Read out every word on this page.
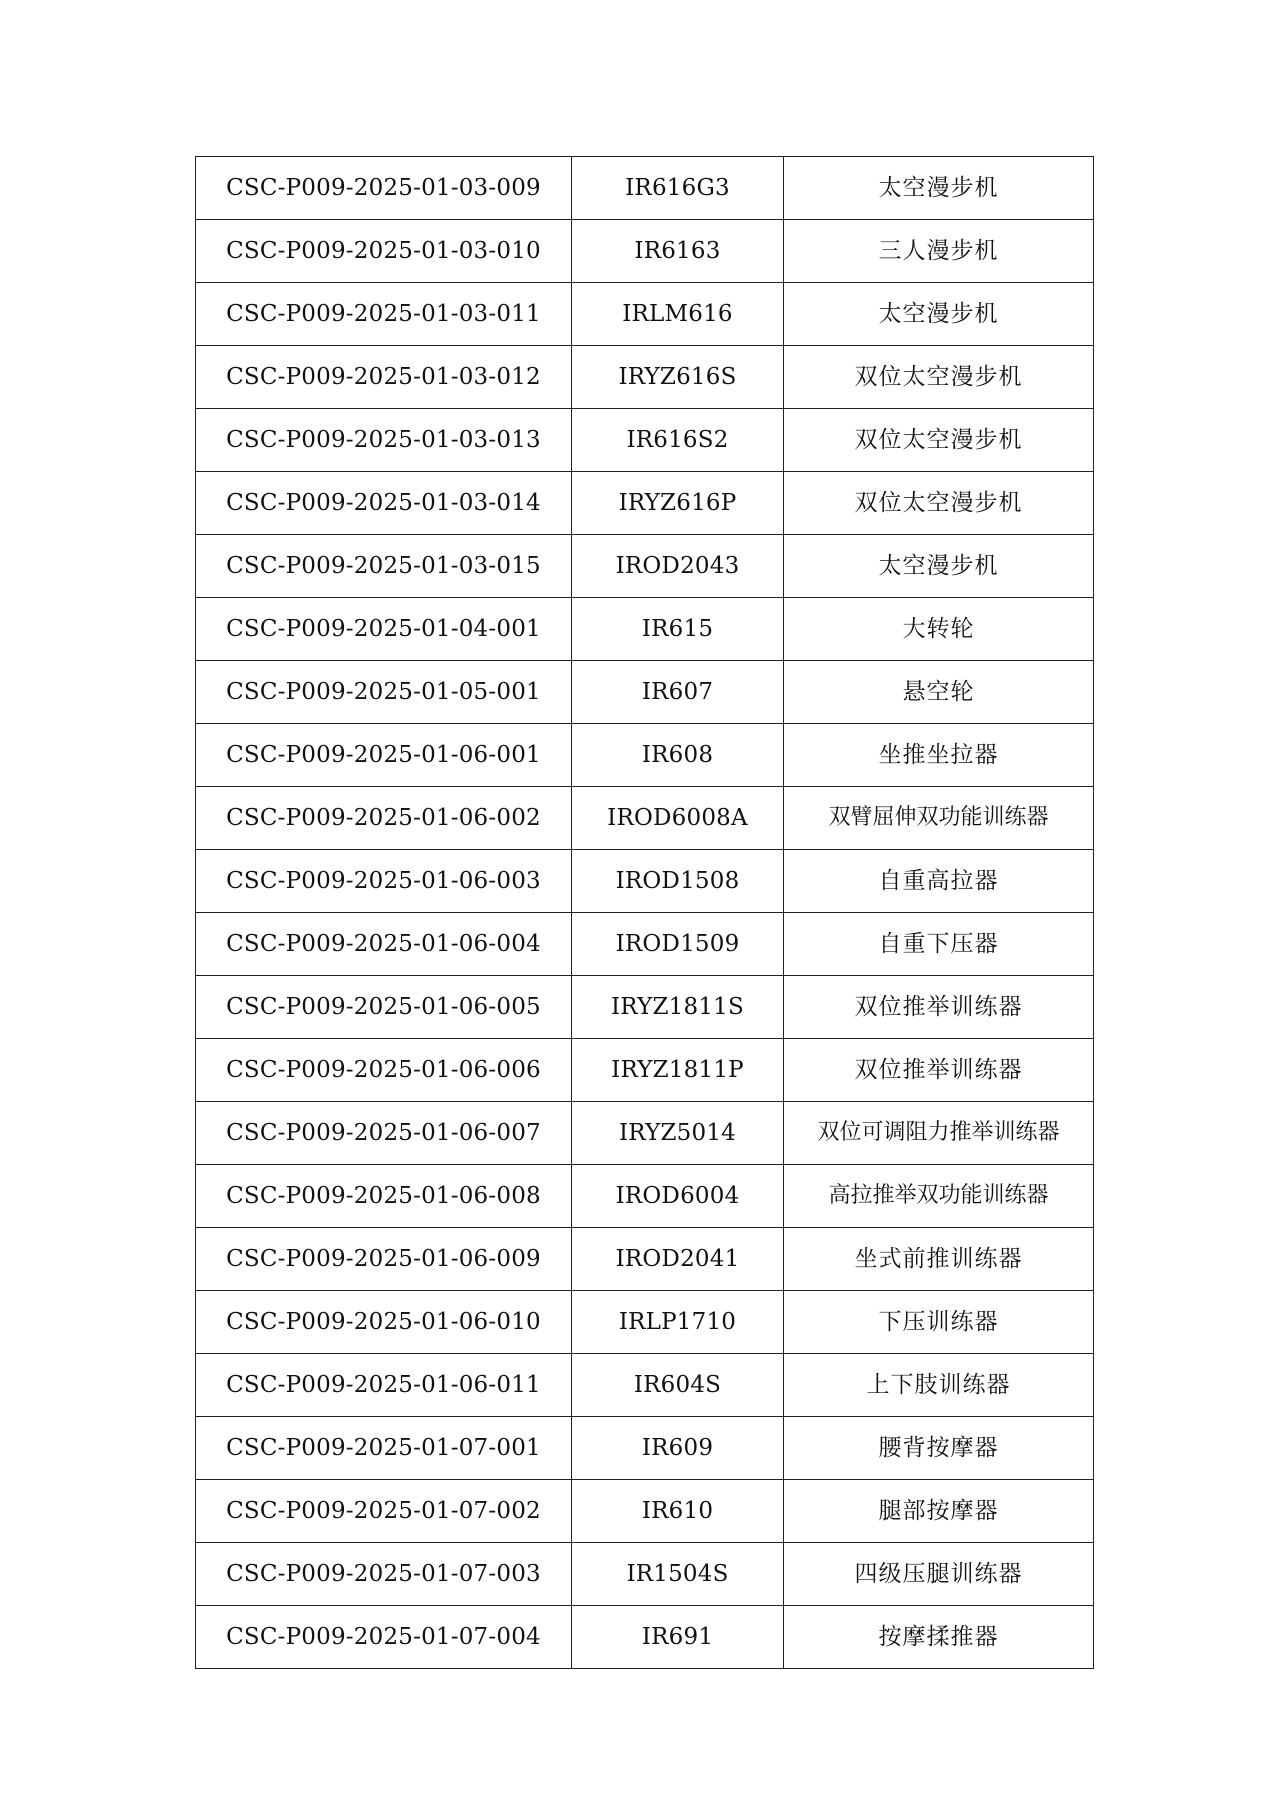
CSC-P009-2025-01-03-009	IR616G3	太空漫步机
CSC-P009-2025-01-03-010	IR6163	三人漫步机
CSC-P009-2025-01-03-011	IRLM616	太空漫步机
CSC-P009-2025-01-03-012	IRYZ616S	双位太空漫步机
CSC-P009-2025-01-03-013	IR616S2	双位太空漫步机
CSC-P009-2025-01-03-014	IRYZ616P	双位太空漫步机
CSC-P009-2025-01-03-015	IROD2043	太空漫步机
CSC-P009-2025-01-04-001	IR615	大转轮
CSC-P009-2025-01-05-001	IR607	悬空轮
CSC-P009-2025-01-06-001	IR608	坐推坐拉器
CSC-P009-2025-01-06-002	IROD6008A	双臂屈伸双功能训练器
CSC-P009-2025-01-06-003	IROD1508	自重高拉器
CSC-P009-2025-01-06-004	IROD1509	自重下压器
CSC-P009-2025-01-06-005	IRYZ1811S	双位推举训练器
CSC-P009-2025-01-06-006	IRYZ1811P	双位推举训练器
CSC-P009-2025-01-06-007	IRYZ5014	双位可调阻力推举训练器
CSC-P009-2025-01-06-008	IROD6004	高拉推举双功能训练器
CSC-P009-2025-01-06-009	IROD2041	坐式前推训练器
CSC-P009-2025-01-06-010	IRLP1710	下压训练器
CSC-P009-2025-01-06-011	IR604S	上下肢训练器
CSC-P009-2025-01-07-001	IR609	腰背按摩器
CSC-P009-2025-01-07-002	IR610	腿部按摩器
CSC-P009-2025-01-07-003	IR1504S	四级压腿训练器
CSC-P009-2025-01-07-004	IR691	按摩揉推器
